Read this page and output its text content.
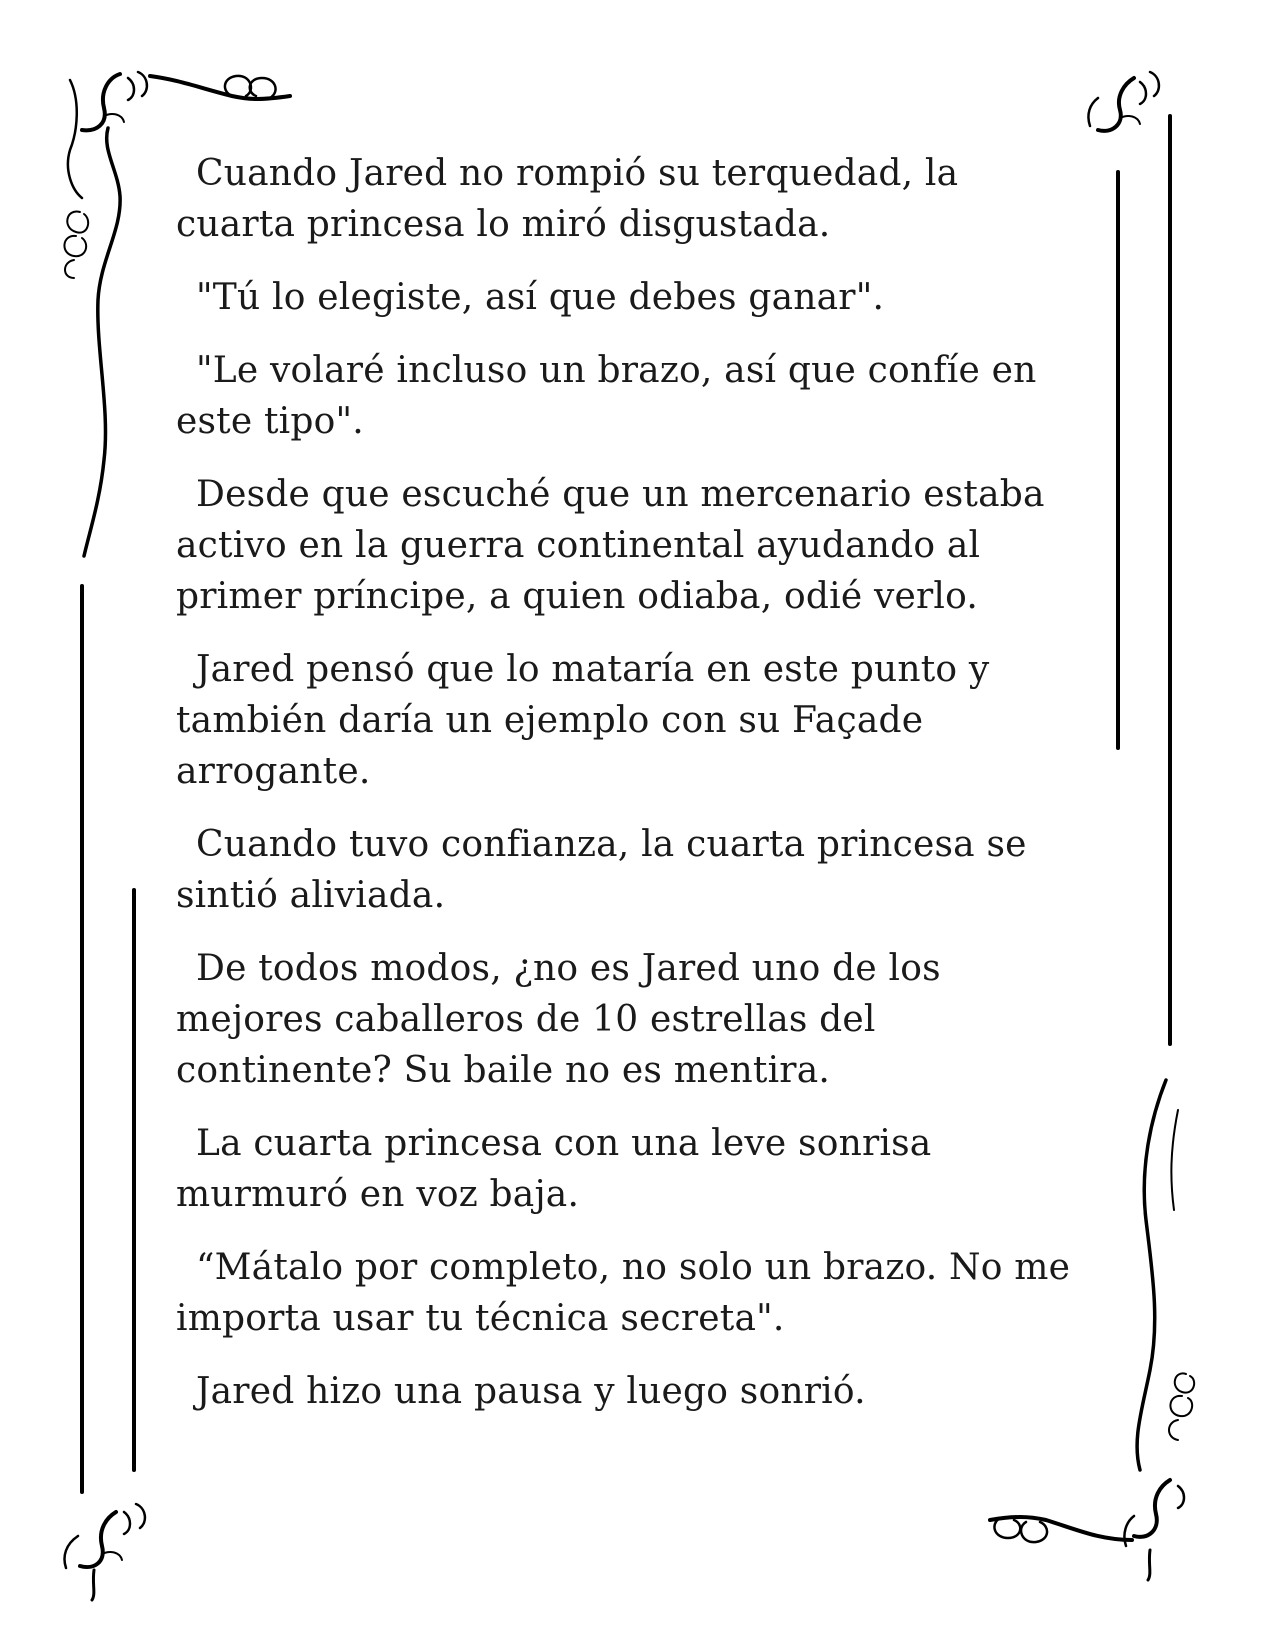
Cuando Jared no rompió su terquedad, la cuarta princesa lo miró disgustada.

"Tú lo elegiste, así que debes ganar".

"Le volaré incluso un brazo, así que confíe en este tipo".

Desde que escuché que un mercenario estaba activo en la guerra continental ayudando al primer príncipe, a quien odiaba, odié verlo.

Jared pensó que lo mataría en este punto y también daría un ejemplo con su Façade arrogante.

Cuando tuvo confianza, la cuarta princesa se sintió aliviada.

De todos modos, ¿no es Jared uno de los mejores caballeros de 10 estrellas del continente? Su baile no es mentira.

La cuarta princesa con una leve sonrisa murmuró en voz baja.

“Mátalo por completo, no solo un brazo. No me importa usar tu técnica secreta".

Jared hizo una pausa y luego sonrió.
